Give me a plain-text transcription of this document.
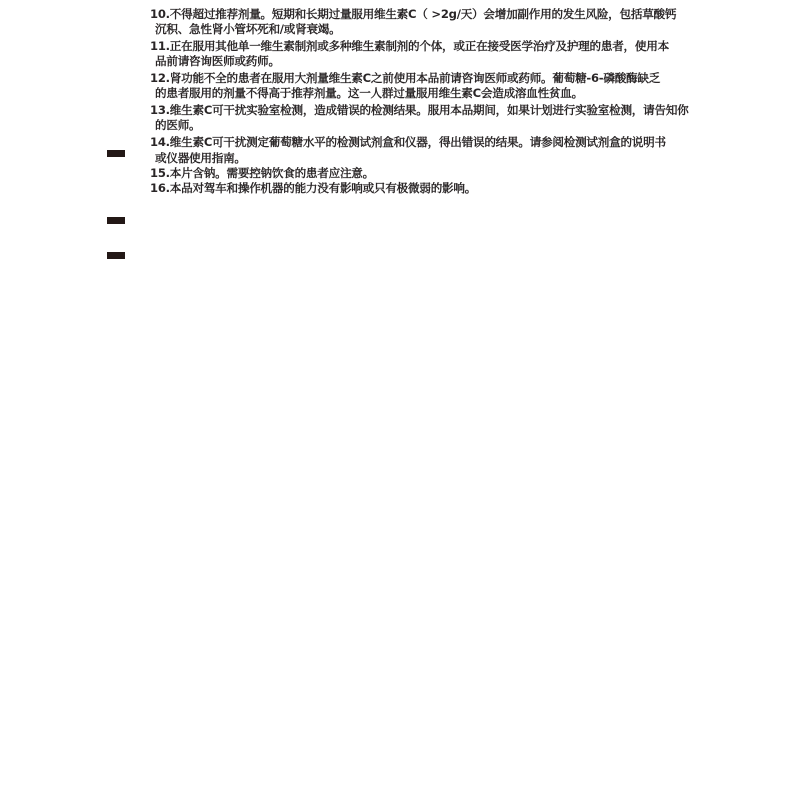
10.不得超过推荐剂量。短期和长期过量服用维生素C（ >2g/天）会增加副作用的发生风险，包括草酸钙
沉积、急性肾小管坏死和/或肾衰竭。
11.正在服用其他单一维生素制剂或多种维生素制剂的个体，或正在接受医学治疗及护理的患者，使用本
品前请咨询医师或药师。
12.肾功能不全的患者在服用大剂量维生素C之前使用本品前请咨询医师或药师。葡萄糖-6-磷酸酶缺乏
的患者服用的剂量不得高于推荐剂量。这一人群过量服用维生素C会造成溶血性贫血。
13.维生素C可干扰实验室检测，造成错误的检测结果。服用本品期间，如果计划进行实验室检测，请告知你
的医师。
14.维生素C可干扰测定葡萄糖水平的检测试剂盒和仪器，得出错误的结果。请参阅检测试剂盒的说明书
或仪器使用指南。
15.本片含钠。需要控钠饮食的患者应注意。
16.本品对驾车和操作机器的能力没有影响或只有极微弱的影响。
